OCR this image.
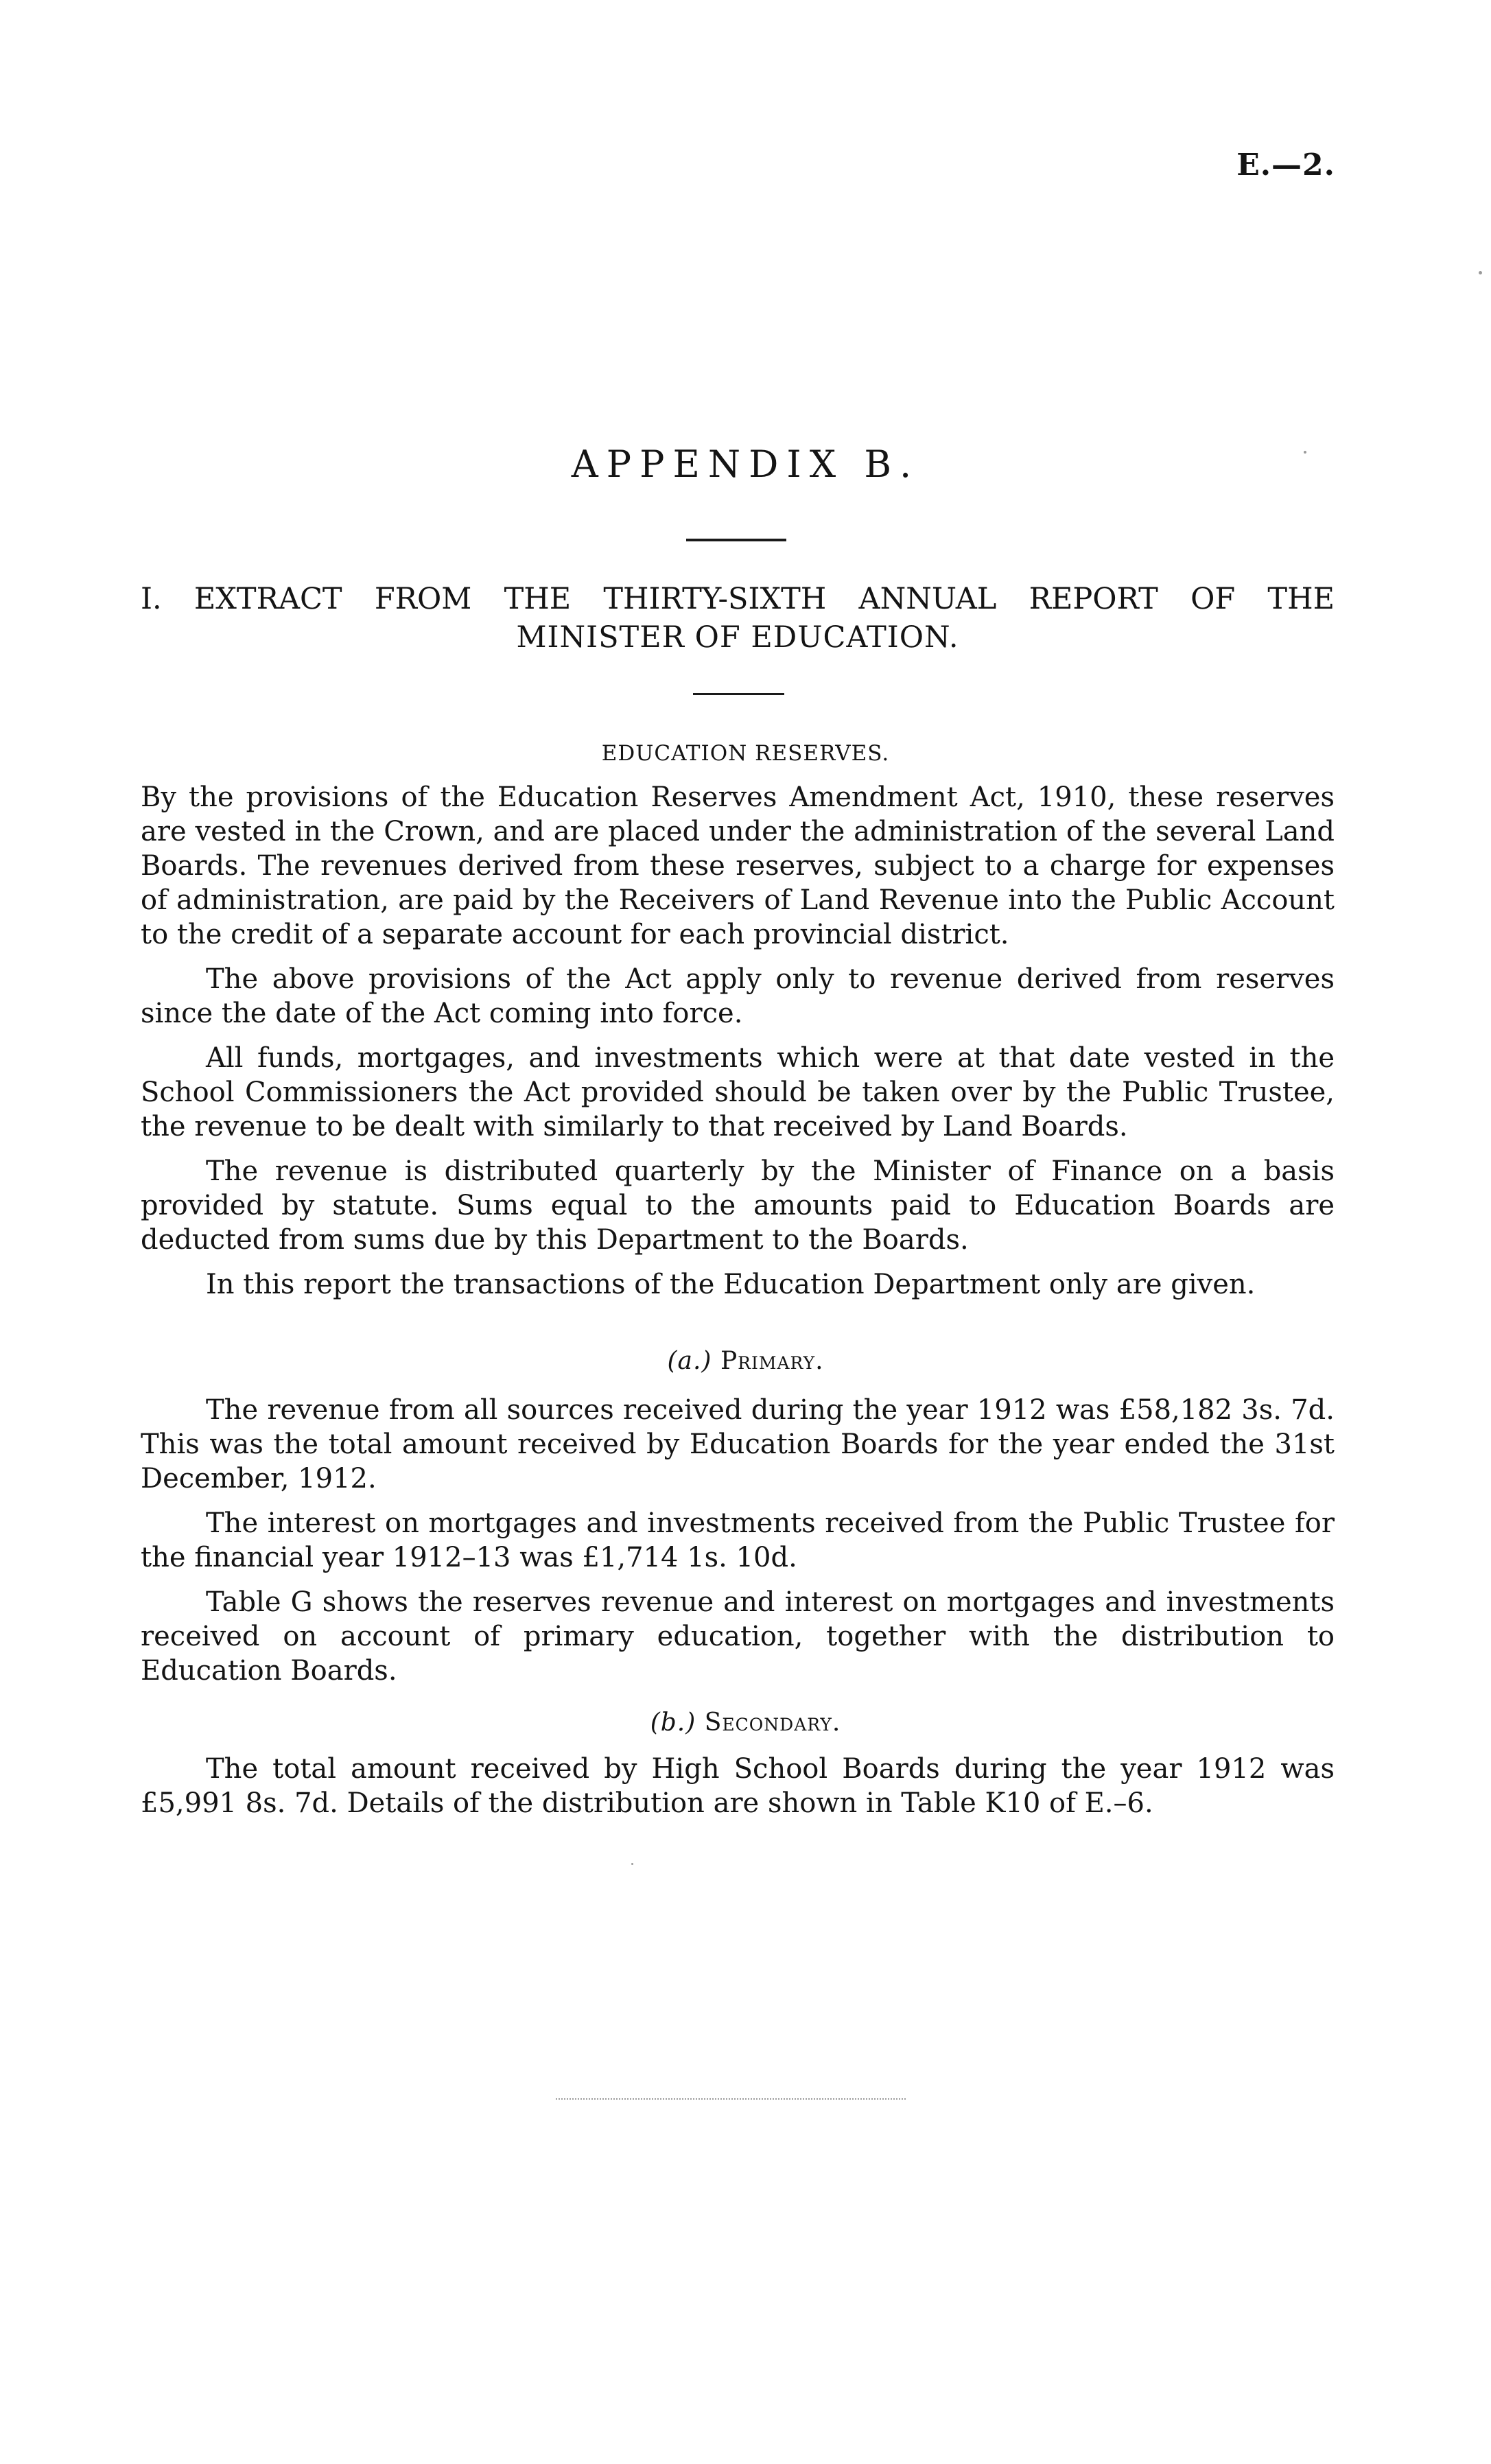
E.—2.
APPENDIX B.
I. EXTRACT FROM THE THIRTY-SIXTH ANNUAL REPORT OF THE
MINISTER OF EDUCATION.
EDUCATION RESERVES.

By the provisions of the Education Reserves Amendment Act, 1910, these reserves are vested in the Crown, and are placed under the administration of the several Land Boards. The revenues derived from these reserves, subject to a charge for expenses of administration, are paid by the Receivers of Land Revenue into the Public Account to the credit of a separate account for each provincial district.

The above provisions of the Act apply only to revenue derived from reserves since the date of the Act coming into force.

All funds, mortgages, and investments which were at that date vested in the School Commissioners the Act provided should be taken over by the Public Trustee, the revenue to be dealt with similarly to that received by Land Boards.

The revenue is distributed quarterly by the Minister of Finance on a basis provided by statute. Sums equal to the amounts paid to Education Boards are deducted from sums due by this Department to the Boards.

In this report the transactions of the Education Department only are given.

(a.) Primary.

The revenue from all sources received during the year 1912 was £58,182 3s. 7d. This was the total amount received by Education Boards for the year ended the 31st December, 1912.

The interest on mortgages and investments received from the Public Trustee for the financial year 1912–13 was £1,714 1s. 10d.

Table G shows the reserves revenue and interest on mortgages and investments received on account of primary education, together with the distribution to Education Boards.

(b.) Secondary.

The total amount received by High School Boards during the year 1912 was £5,991 8s. 7d. Details of the distribution are shown in Table K10 of E.–6.
